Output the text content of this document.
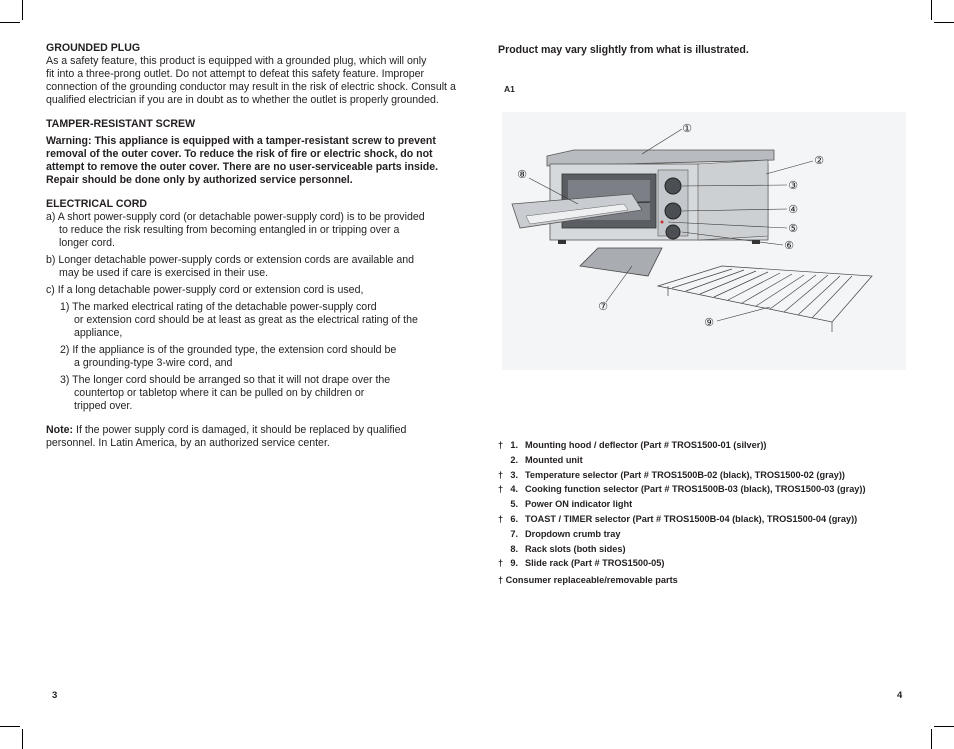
GROUNDED PLUG

As a safety feature, this product is equipped with a grounded plug, which will only

fit into a three-prong outlet. Do not attempt to defeat this safety feature. Improper

connection of the grounding conductor may result in the risk of electric shock. Consult a

qualified electrician if you are in doubt as to whether the outlet is properly grounded.

TAMPER-RESISTANT SCREW

Warning: This appliance is equipped with a tamper-resistant screw to prevent

removal of the outer cover. To reduce the risk of fire or electric shock, do not

attempt to remove the outer cover. There are no user-serviceable parts inside.

Repair should be done only by authorized service personnel.

ELECTRICAL CORD

a) A short power-supply cord (or detachable power-supply cord) is to be provided

to reduce the risk resulting from becoming entangled in or tripping over a

longer cord.

b) Longer detachable power-supply cords or extension cords are available and

may be used if care is exercised in their use.

c) If a long detachable power-supply cord or extension cord is used,

1) The marked electrical rating of the detachable power-supply cord

or extension cord should be at least as great as the electrical rating of the

appliance,

2) If the appliance is of the grounded type, the extension cord should be

a grounding-type 3-wire cord, and

3) The longer cord should be arranged so that it will not drape over the

countertop or tabletop where it can be pulled on by children or

tripped over.

Note: If the power supply cord is damaged, it should be replaced by qualified

personnel. In Latin America, by an authorized service center.

3

Product may vary slightly from what is illustrated.

A1
①
②
③
④
⑤
⑥
⑦
⑧
⑨
† 1. Mounting hood / deflector (Part # TROS1500-01 (silver))
2. Mounted unit
† 3. Temperature selector (Part # TROS1500B-02 (black), TROS1500-02 (gray))
† 4. Cooking function selector (Part # TROS1500B-03 (black), TROS1500-03 (gray))
5. Power ON indicator light
† 6. TOAST / TIMER selector (Part # TROS1500B-04 (black), TROS1500-04 (gray))
7. Dropdown crumb tray
8. Rack slots (both sides)
† 9. Slide rack (Part # TROS1500-05)
† Consumer replaceable/removable parts
4
